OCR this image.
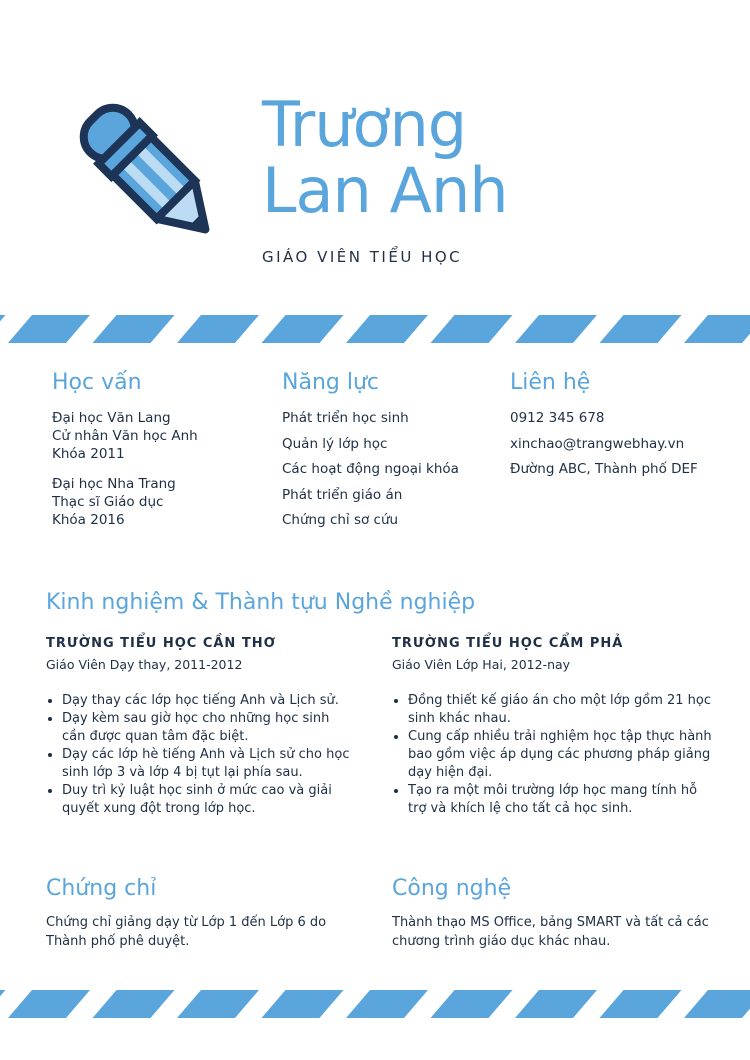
Trương
Lan Anh
GIÁO VIÊN TIỂU HỌC
Học vấn
Đại học Văn Lang
Cử nhân Văn học Anh
Khóa 2011
Đại học Nha Trang
Thạc sĩ Giáo dục
Khóa 2016
Năng lực
Phát triển học sinh
Quản lý lớp học
Các hoạt động ngoại khóa
Phát triển giáo án
Chứng chỉ sơ cứu
Liên hệ
0912 345 678
xinchao@trangwebhay.vn
Đường ABC, Thành phố DEF
Kinh nghiệm & Thành tựu Nghề nghiệp
TRƯỜNG TIỂU HỌC CẦN THƠ
Giáo Viên Dạy thay, 2011-2012
• Dạy thay các lớp học tiếng Anh và Lịch sử.
• Dạy kèm sau giờ học cho những học sinh cần được quan tâm đặc biệt.
• Dạy các lớp hè tiếng Anh và Lịch sử cho học sinh lớp 3 và lớp 4 bị tụt lại phía sau.
• Duy trì kỷ luật học sinh ở mức cao và giải quyết xung đột trong lớp học.
TRƯỜNG TIỂU HỌC CẨM PHẢ
Giáo Viên Lớp Hai, 2012-nay
• Đồng thiết kế giáo án cho một lớp gồm 21 học sinh khác nhau.
• Cung cấp nhiều trải nghiệm học tập thực hành bao gồm việc áp dụng các phương pháp giảng dạy hiện đại.
• Tạo ra một môi trường lớp học mang tính hỗ trợ và khích lệ cho tất cả học sinh.
Chứng chỉ

Chứng chỉ giảng dạy từ Lớp 1 đến Lớp 6 do Thành phố phê duyệt.

Công nghệ

Thành thạo MS Office, bảng SMART và tất cả các chương trình giáo dục khác nhau.
